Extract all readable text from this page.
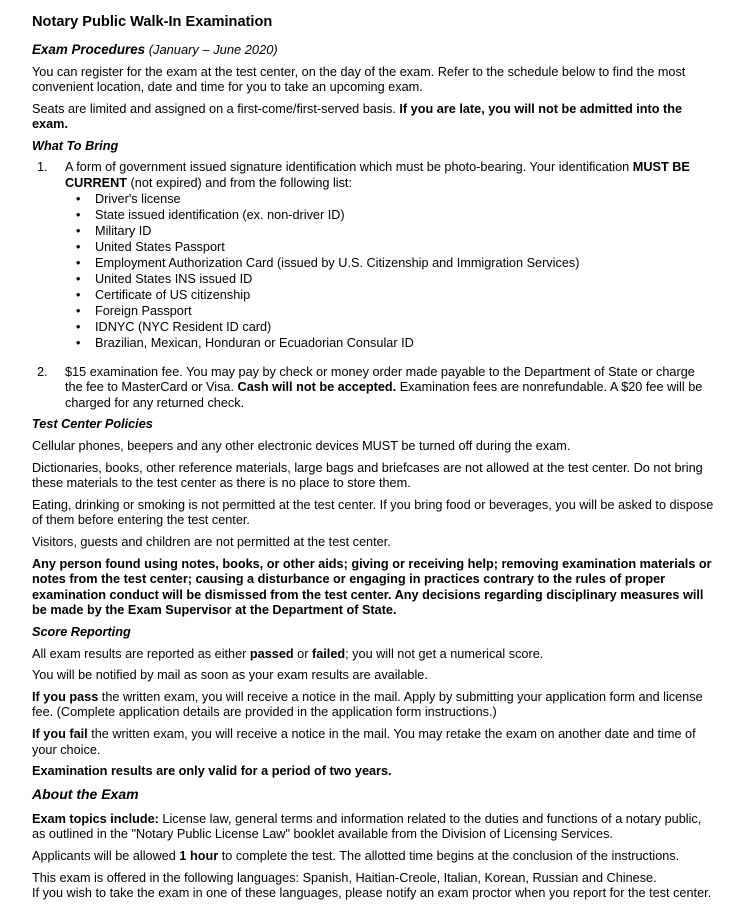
Notary Public Walk-In Examination
Exam Procedures (January – June 2020)

You can register for the exam at the test center, on the day of the exam. Refer to the schedule below to find the most convenient location, date and time for you to take an upcoming exam.

Seats are limited and assigned on a first-come/first-served basis. If you are late, you will not be admitted into the exam.

What To Bring
1.	A form of government issued signature identification which must be photo-bearing. Your identification MUST BE CURRENT (not expired) and from the following list:
•	Driver's license
•	State issued identification (ex. non-driver ID)
•	Military ID
•	United States Passport
•	Employment Authorization Card (issued by U.S. Citizenship and Immigration Services)
•	United States INS issued ID
•	Certificate of US citizenship
•	Foreign Passport
•	IDNYC (NYC Resident ID card)
•	Brazilian, Mexican, Honduran or Ecuadorian Consular ID
2.	$15 examination fee. You may pay by check or money order made payable to the Department of State or charge the fee to MasterCard or Visa. Cash will not be accepted. Examination fees are nonrefundable. A $20 fee will be charged for any returned check.
Test Center Policies

Cellular phones, beepers and any other electronic devices MUST be turned off during the exam.

Dictionaries, books, other reference materials, large bags and briefcases are not allowed at the test center. Do not bring these materials to the test center as there is no place to store them.

Eating, drinking or smoking is not permitted at the test center. If you bring food or beverages, you will be asked to dispose of them before entering the test center.

Visitors, guests and children are not permitted at the test center.

Any person found using notes, books, or other aids; giving or receiving help; removing examination materials or notes from the test center; causing a disturbance or engaging in practices contrary to the rules of proper examination conduct will be dismissed from the test center. Any decisions regarding disciplinary measures will be made by the Exam Supervisor at the Department of State.

Score Reporting

All exam results are reported as either passed or failed; you will not get a numerical score.

You will be notified by mail as soon as your exam results are available.

If you pass the written exam, you will receive a notice in the mail. Apply by submitting your application form and license fee. (Complete application details are provided in the application form instructions.)

If you fail the written exam, you will receive a notice in the mail. You may retake the exam on another date and time of your choice.

Examination results are only valid for a period of two years.

About the Exam

Exam topics include: License law, general terms and information related to the duties and functions of a notary public, as outlined in the "Notary Public License Law" booklet available from the Division of Licensing Services.

Applicants will be allowed 1 hour to complete the test. The allotted time begins at the conclusion of the instructions.

This exam is offered in the following languages: Spanish, Haitian-Creole, Italian, Korean, Russian and Chinese.
If you wish to take the exam in one of these languages, please notify an exam proctor when you report for the test center.
